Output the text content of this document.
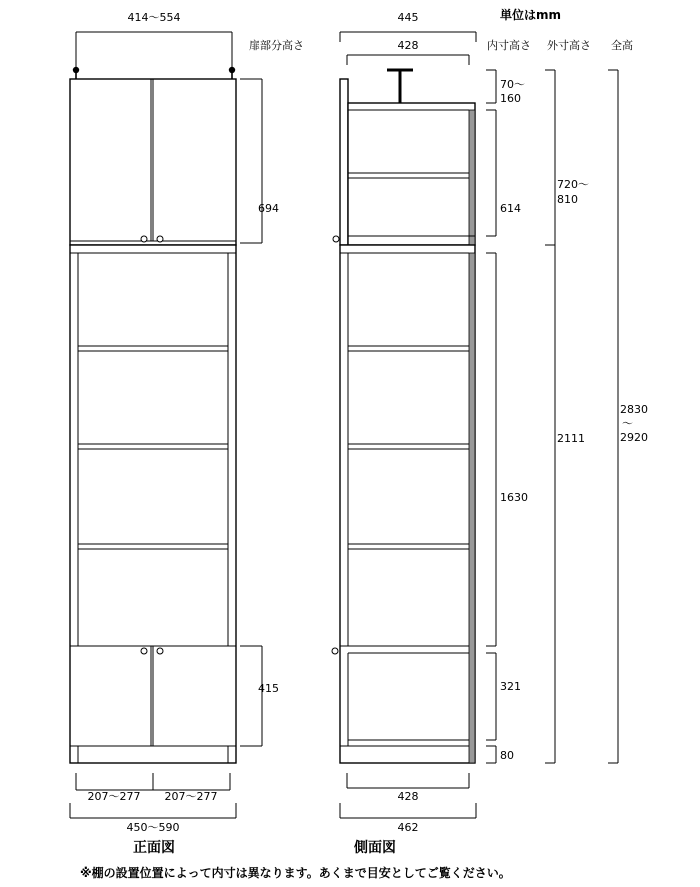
414～554
694
415
207～277 207～277
450～590
正面図
445
428
70～
160
614
1630
321
80
720～
810
2111
2830
～
2920
428
462
側面図
単位はmm
扉部分高さ	内寸高さ 外寸高さ 全高
※棚の設置位置によって内寸は異なります。あくまで目安としてご覧ください。
